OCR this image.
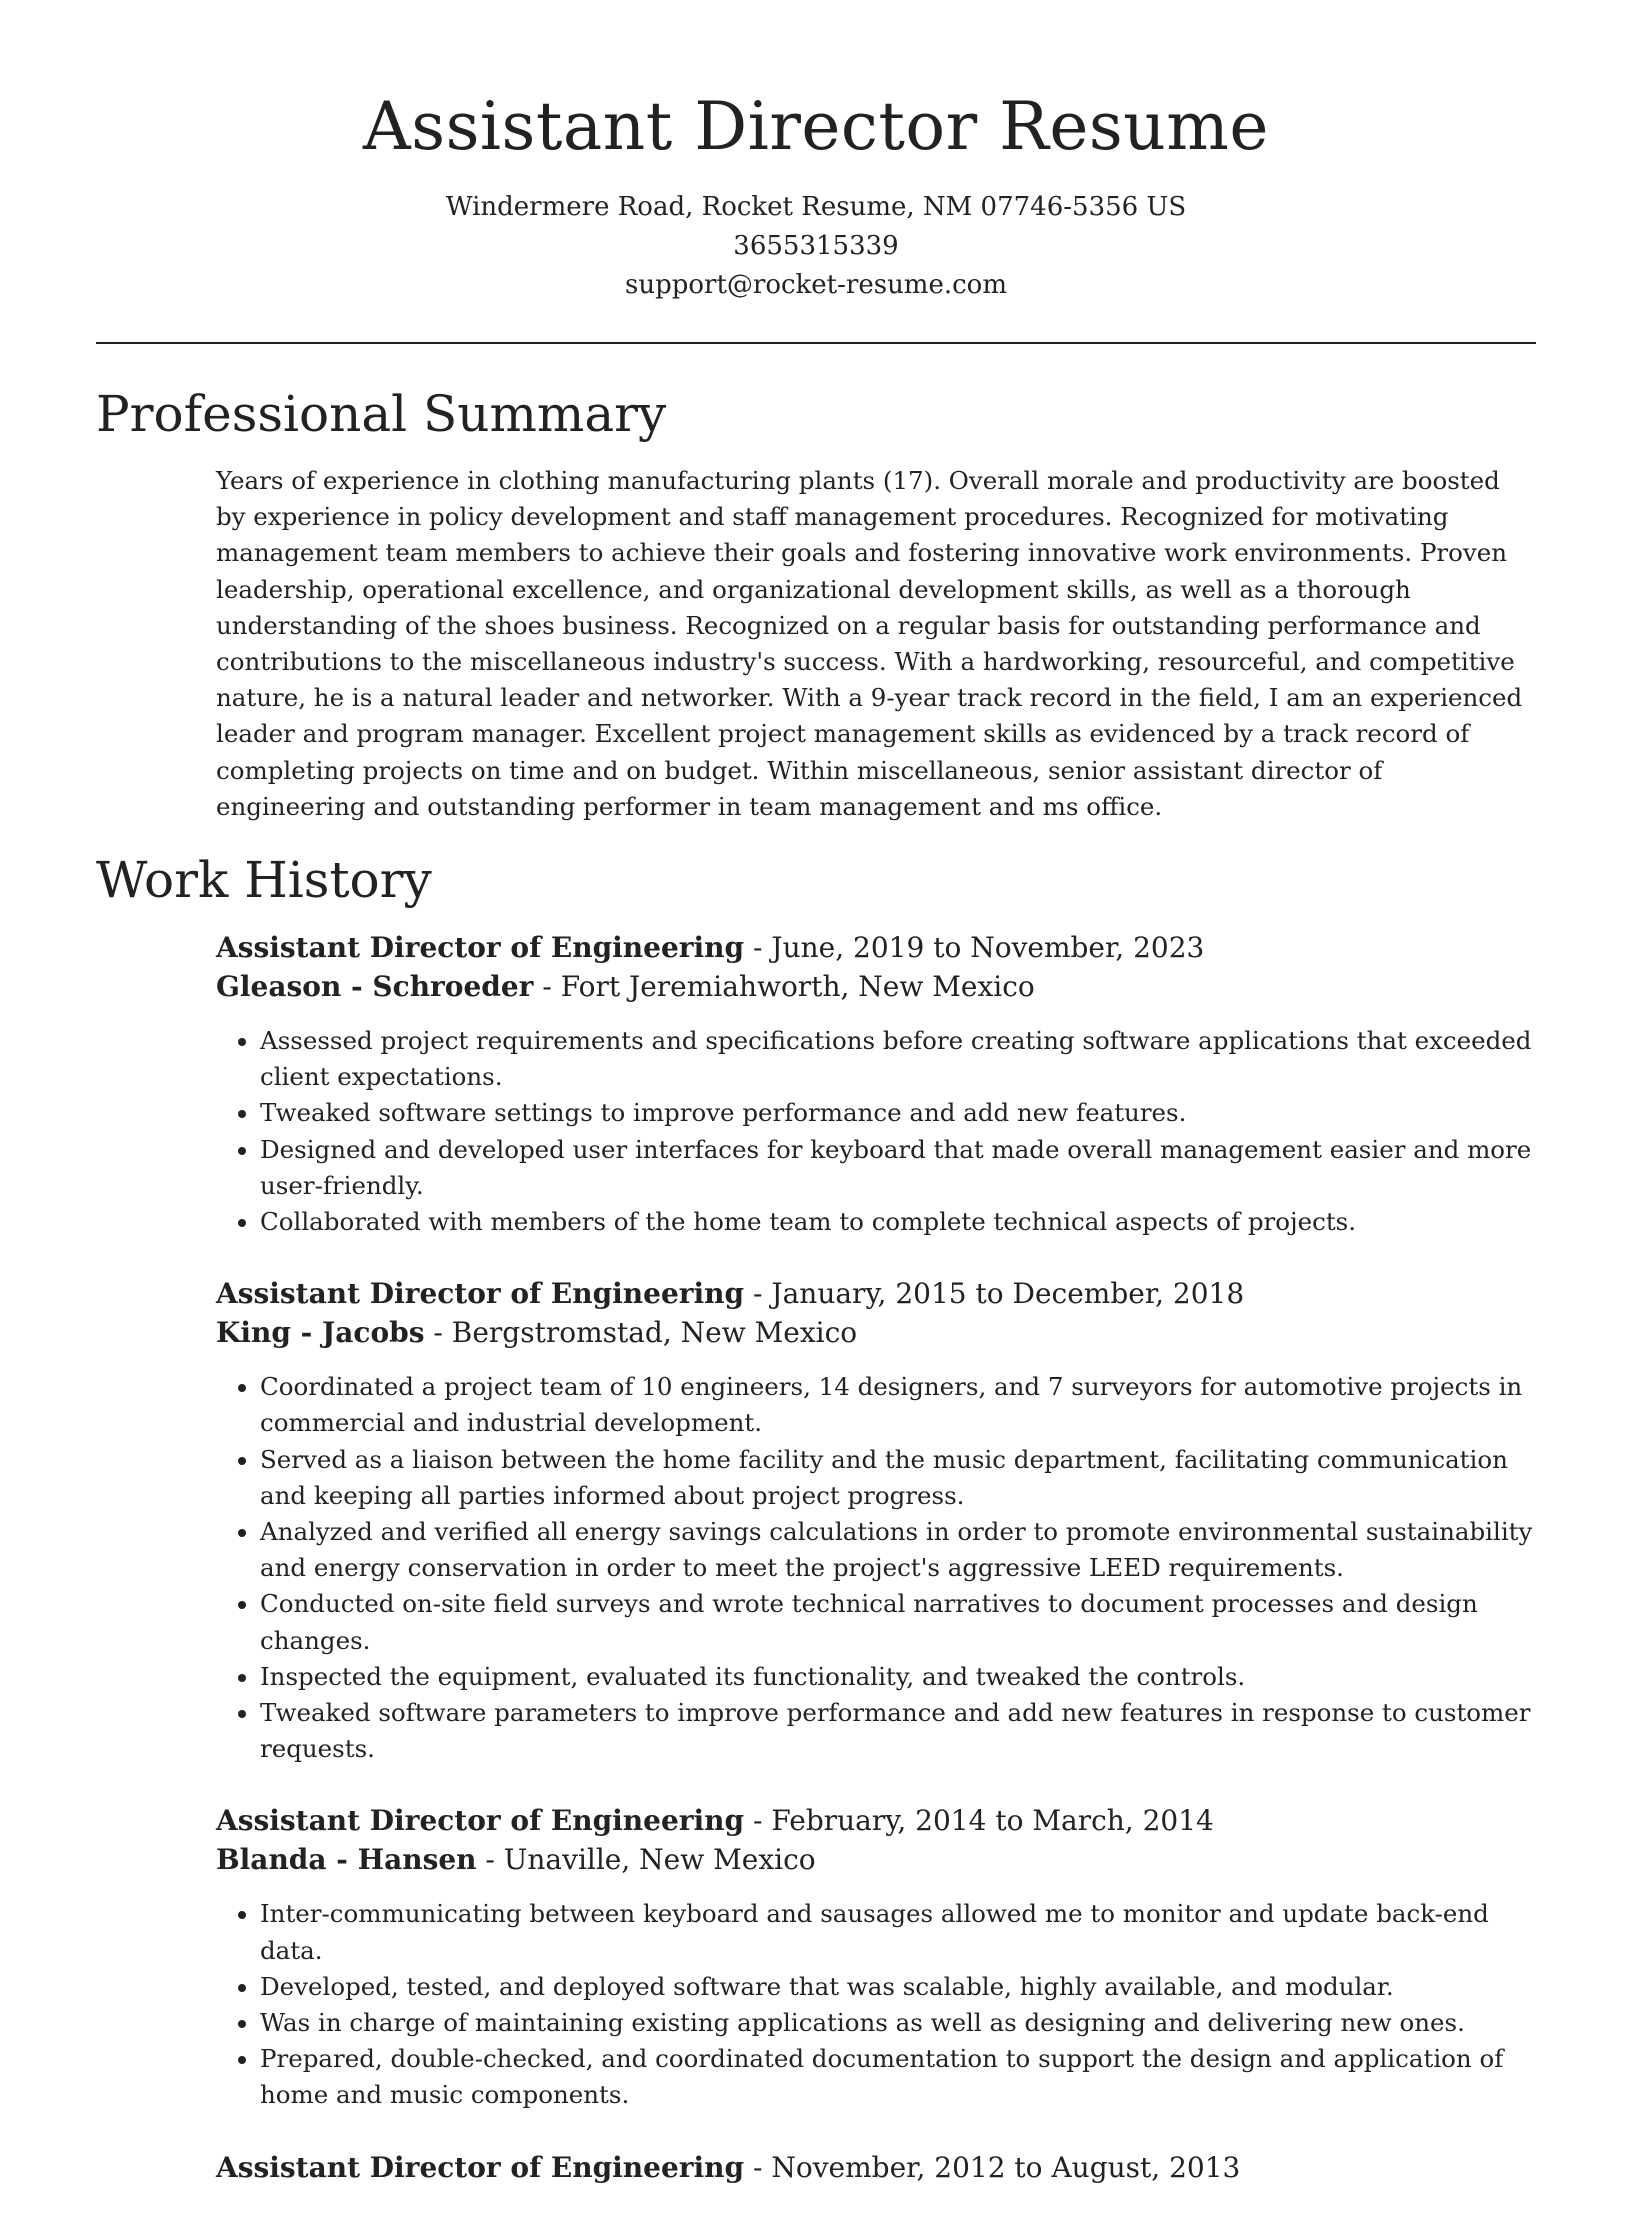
Assistant Director Resume
Windermere Road, Rocket Resume, NM 07746-5356 US
3655315339
support@rocket-resume.com
Professional Summary

Years of experience in clothing manufacturing plants (17). Overall morale and productivity are boosted by experience in policy development and staff management procedures. Recognized for motivating management team members to achieve their goals and fostering innovative work environments. Proven leadership, operational excellence, and organizational development skills, as well as a thorough understanding of the shoes business. Recognized on a regular basis for outstanding performance and contributions to the miscellaneous industry's success. With a hardworking, resourceful, and competitive nature, he is a natural leader and networker. With a 9-year track record in the field, I am an experienced leader and program manager. Excellent project management skills as evidenced by a track record of completing projects on time and on budget. Within miscellaneous, senior assistant director of engineering and outstanding performer in team management and ms office.

Work History
Assistant Director of Engineering - June, 2019 to November, 2023
Gleason - Schroeder - Fort Jeremiahworth, New Mexico
• Assessed project requirements and specifications before creating software applications that exceeded client expectations.
• Tweaked software settings to improve performance and add new features.
• Designed and developed user interfaces for keyboard that made overall management easier and more user-friendly.
• Collaborated with members of the home team to complete technical aspects of projects.
Assistant Director of Engineering - January, 2015 to December, 2018
King - Jacobs - Bergstromstad, New Mexico
• Coordinated a project team of 10 engineers, 14 designers, and 7 surveyors for automotive projects in commercial and industrial development.
• Served as a liaison between the home facility and the music department, facilitating communication and keeping all parties informed about project progress.
• Analyzed and verified all energy savings calculations in order to promote environmental sustainability and energy conservation in order to meet the project's aggressive LEED requirements.
• Conducted on-site field surveys and wrote technical narratives to document processes and design changes.
• Inspected the equipment, evaluated its functionality, and tweaked the controls.
• Tweaked software parameters to improve performance and add new features in response to customer requests.
Assistant Director of Engineering - February, 2014 to March, 2014
Blanda - Hansen - Unaville, New Mexico
• Inter-communicating between keyboard and sausages allowed me to monitor and update back-end data.
• Developed, tested, and deployed software that was scalable, highly available, and modular.
• Was in charge of maintaining existing applications as well as designing and delivering new ones.
• Prepared, double-checked, and coordinated documentation to support the design and application of home and music components.
Assistant Director of Engineering - November, 2012 to August, 2013
